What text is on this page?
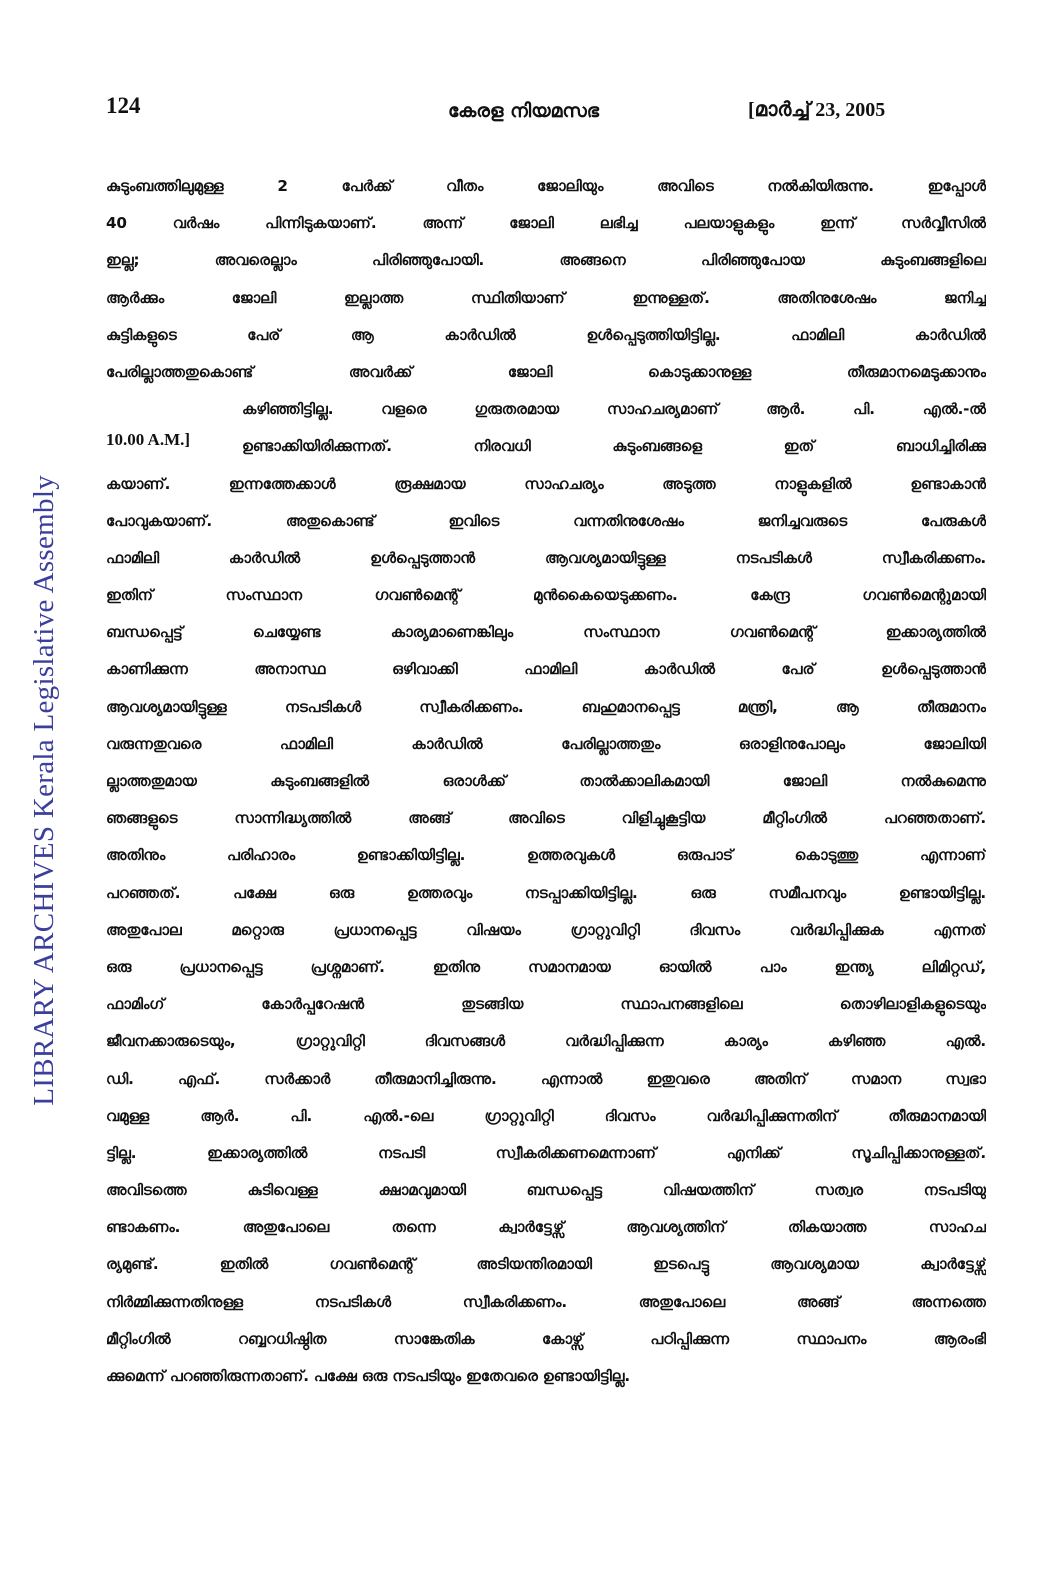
LIBRARY ARCHIVES Kerala Legislative Assembly
124	കേരള നിയമസഭ	[മാർച്ച് 23, 2005
10.00 A.M.]
കുടുംബത്തിലുമുള്ള 2 പേർക്ക് വീതം ജോലിയും അവിടെ നൽകിയിരുന്നു. ഇപ്പോൾ
40 വർഷം പിന്നിടുകയാണ്. അന്ന് ജോലി ലഭിച്ച പലയാളുകളും ഇന്ന് സർവ്വീസിൽ
ഇല്ല; അവരെല്ലാം പിരിഞ്ഞുപോയി. അങ്ങനെ പിരിഞ്ഞുപോയ കുടുംബങ്ങളിലെ
ആർക്കും ജോലി ഇല്ലാത്ത സ്ഥിതിയാണ് ഇന്നുള്ളത്. അതിനുശേഷം ജനിച്ച
കുട്ടികളുടെ പേര് ആ കാർഡിൽ ഉൾപ്പെടുത്തിയിട്ടില്ല. ഫാമിലി കാർഡിൽ
പേരില്ലാത്തതുകൊണ്ട് അവർക്ക് ജോലി കൊടുക്കാനുള്ള തീരുമാനമെടുക്കാനും
കഴിഞ്ഞിട്ടില്ല. വളരെ ഗുരുതരമായ സാഹചര്യമാണ് ആർ. പി. എൽ.-ൽ
ഉണ്ടാക്കിയിരിക്കുന്നത്. നിരവധി കുടുംബങ്ങളെ ഇത് ബാധിച്ചിരിക്കു
കയാണ്. ഇന്നത്തേക്കാൾ രൂക്ഷമായ സാഹചര്യം അടുത്ത നാളുകളിൽ ഉണ്ടാകാൻ
പോവുകയാണ്. അതുകൊണ്ട് ഇവിടെ വന്നതിനുശേഷം ജനിച്ചവരുടെ പേരുകൾ
ഫാമിലി കാർഡിൽ ഉൾപ്പെടുത്താൻ ആവശ്യമായിട്ടുള്ള നടപടികൾ സ്വീകരിക്കണം.
ഇതിന് സംസ്ഥാന ഗവൺമെന്റ് മുൻകൈയെടുക്കണം. കേന്ദ്ര ഗവൺമെന്റുമായി
ബന്ധപ്പെട്ട് ചെയ്യേണ്ട കാര്യമാണെങ്കിലും സംസ്ഥാന ഗവൺമെന്റ് ഇക്കാര്യത്തിൽ
കാണിക്കുന്ന അനാസ്ഥ ഒഴിവാക്കി ഫാമിലി കാർഡിൽ പേര് ഉൾപ്പെടുത്താൻ
ആവശ്യമായിട്ടുള്ള നടപടികൾ സ്വീകരിക്കണം. ബഹുമാനപ്പെട്ട മന്ത്രി, ആ തീരുമാനം
വരുന്നതുവരെ ഫാമിലി കാർഡിൽ പേരില്ലാത്തതും ഒരാളിനുപോലും ജോലിയി
ല്ലാത്തതുമായ കുടുംബങ്ങളിൽ ഒരാൾക്ക് താൽക്കാലികമായി ജോലി നൽകുമെന്നു
ഞങ്ങളുടെ സാന്നിദ്ധ്യത്തിൽ അങ്ങ് അവിടെ വിളിച്ചുകൂട്ടിയ മീറ്റിംഗിൽ പറഞ്ഞതാണ്.
അതിനും പരിഹാരം ഉണ്ടാക്കിയിട്ടില്ല. ഉത്തരവുകൾ ഒരുപാട് കൊടുത്തു എന്നാണ്
പറഞ്ഞത്. പക്ഷേ ഒരു ഉത്തരവും നടപ്പാക്കിയിട്ടില്ല. ഒരു സമീപനവും ഉണ്ടായിട്ടില്ല.
അതുപോല മറ്റൊരു പ്രധാനപ്പെട്ട വിഷയം ഗ്രാറ്റുവിറ്റി ദിവസം വർദ്ധിപ്പിക്കുക എന്നത്
ഒരു പ്രധാനപ്പെട്ട പ്രശ്നമാണ്. ഇതിനു സമാനമായ ഓയിൽ പാം ഇന്ത്യ ലിമിറ്റഡ്,
ഫാമിംഗ് കോർപ്പറേഷൻ തുടങ്ങിയ സ്ഥാപനങ്ങളിലെ തൊഴിലാളികളുടെയും
ജീവനക്കാരുടെയും, ഗ്രാറ്റുവിറ്റി ദിവസങ്ങൾ വർദ്ധിപ്പിക്കുന്ന കാര്യം കഴിഞ്ഞ എൽ.
ഡി. എഫ്. സർക്കാർ തീരുമാനിച്ചിരുന്നു. എന്നാൽ ഇതുവരെ അതിന് സമാന സ്വഭാ
വമുള്ള ആർ. പി. എൽ.-ലെ ഗ്രാറ്റുവിറ്റി ദിവസം വർദ്ധിപ്പിക്കുന്നതിന് തീരുമാനമായി
ട്ടില്ല. ഇക്കാര്യത്തിൽ നടപടി സ്വീകരിക്കണമെന്നാണ് എനിക്ക് സൂചിപ്പിക്കാനുള്ളത്.
അവിടത്തെ കുടിവെള്ള ക്ഷാമവുമായി ബന്ധപ്പെട്ട വിഷയത്തിന് സത്വര നടപടിയു
ണ്ടാകണം. അതുപോലെ തന്നെ ക്വാർട്ടേഴ്സ് ആവശ്യത്തിന് തികയാത്ത സാഹച
ര്യമുണ്ട്. ഇതിൽ ഗവൺമെന്റ് അടിയന്തിരമായി ഇടപെട്ടു ആവശ്യമായ ക്വാർട്ടേഴ്സ്
നിർമ്മിക്കുന്നതിനുള്ള നടപടികൾ സ്വീകരിക്കണം. അതുപോലെ അങ്ങ് അന്നത്തെ
മീറ്റിംഗിൽ റബ്ബറധിഷ്ഠിത സാങ്കേതിക കോഴ്സ് പഠിപ്പിക്കുന്ന സ്ഥാപനം ആരംഭി
ക്കുമെന്ന് പറഞ്ഞിരുന്നതാണ്. പക്ഷേ ഒരു നടപടിയും ഇതേവരെ ഉണ്ടായിട്ടില്ല.
